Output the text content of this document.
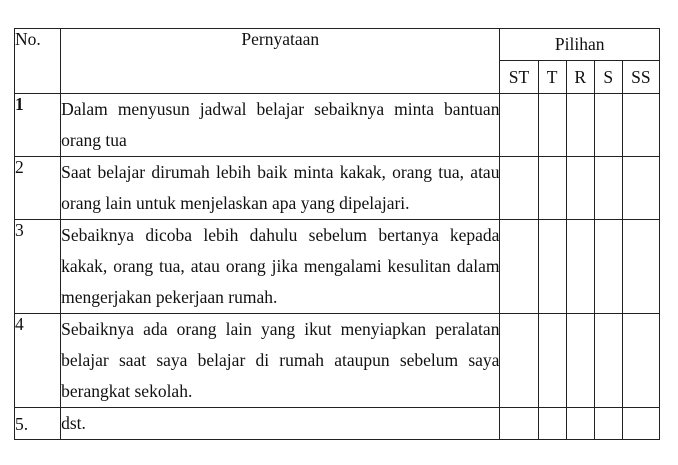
No.	Pernyataan	Pilihan				
		ST	T	R	S	SS
1	Dalam menyusun jadwal belajar sebaiknya minta bantuan orang tua					
2	Saat belajar dirumah lebih baik minta kakak, orang tua, atau orang lain untuk menjelaskan apa yang dipelajari.					
3	Sebaiknya dicoba lebih dahulu sebelum bertanya kepada kakak, orang tua, atau orang jika mengalami kesulitan dalam mengerjakan pekerjaan rumah.					
4	Sebaiknya ada orang lain yang ikut menyiapkan peralatan belajar saat saya belajar di rumah ataupun sebelum saya berangkat sekolah.					
5.	dst.					
